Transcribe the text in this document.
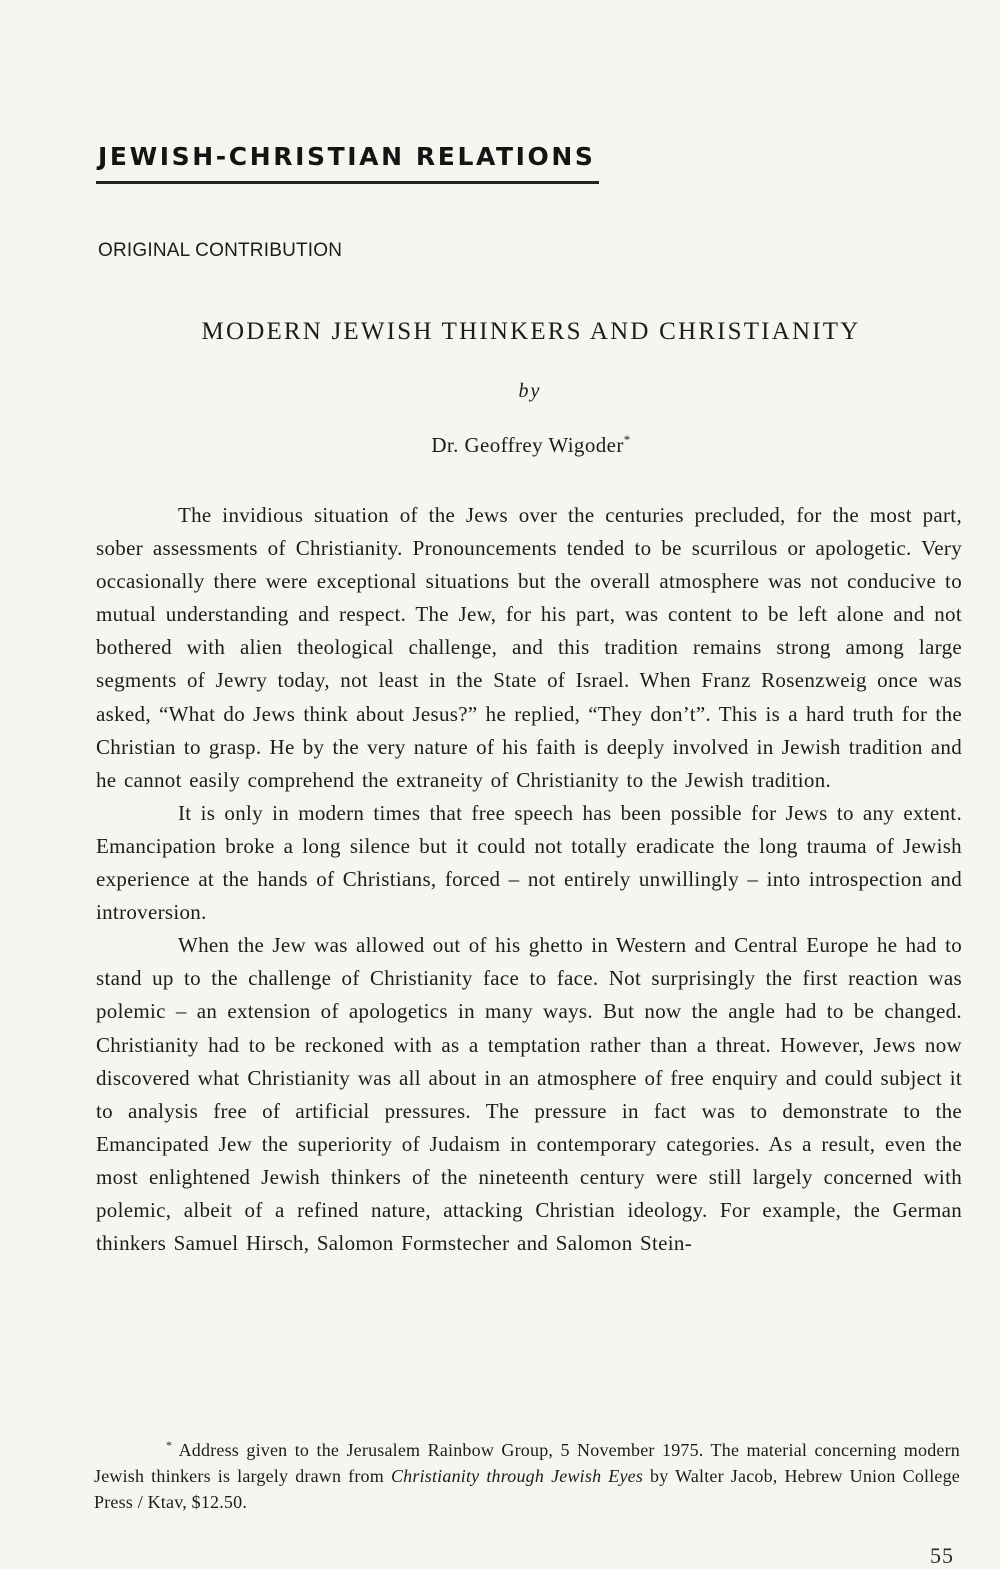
JEWISH-CHRISTIAN RELATIONS
ORIGINAL CONTRIBUTION
MODERN JEWISH THINKERS AND CHRISTIANITY
by
Dr. Geoffrey Wigoder*

The invidious situation of the Jews over the centuries precluded, for the most part, sober assessments of Christianity. Pronouncements tended to be scurrilous or apologetic. Very occasionally there were exceptional situations but the overall atmosphere was not conducive to mutual understanding and respect. The Jew, for his part, was content to be left alone and not bothered with alien theological challenge, and this tradition remains strong among large segments of Jewry today, not least in the State of Israel. When Franz Rosenzweig once was asked, “What do Jews think about Jesus?” he replied, “They don’t”. This is a hard truth for the Christian to grasp. He by the very nature of his faith is deeply involved in Jewish tradition and he cannot easily comprehend the extraneity of Christianity to the Jewish tradition.

It is only in modern times that free speech has been possible for Jews to any extent. Emancipation broke a long silence but it could not totally eradicate the long trauma of Jewish experience at the hands of Christians, forced – not entirely unwillingly – into introspection and introversion.

When the Jew was allowed out of his ghetto in Western and Central Europe he had to stand up to the challenge of Christianity face to face. Not surprisingly the first reaction was polemic – an extension of apologetics in many ways. But now the angle had to be changed. Christianity had to be reckoned with as a temptation rather than a threat. However, Jews now discovered what Christianity was all about in an atmosphere of free enquiry and could subject it to analysis free of artificial pressures. The pressure in fact was to demonstrate to the Emancipated Jew the superiority of Judaism in contemporary categories. As a result, even the most enlightened Jewish thinkers of the nineteenth century were still largely concerned with polemic, albeit of a refined nature, attacking Christian ideology. For example, the German thinkers Samuel Hirsch, Salomon Formstecher and Salomon Stein-

* Address given to the Jerusalem Rainbow Group, 5 November 1975. The material concerning modern Jewish thinkers is largely drawn from Christianity through Jewish Eyes by Walter Jacob, Hebrew Union College Press / Ktav, $12.50.
55
